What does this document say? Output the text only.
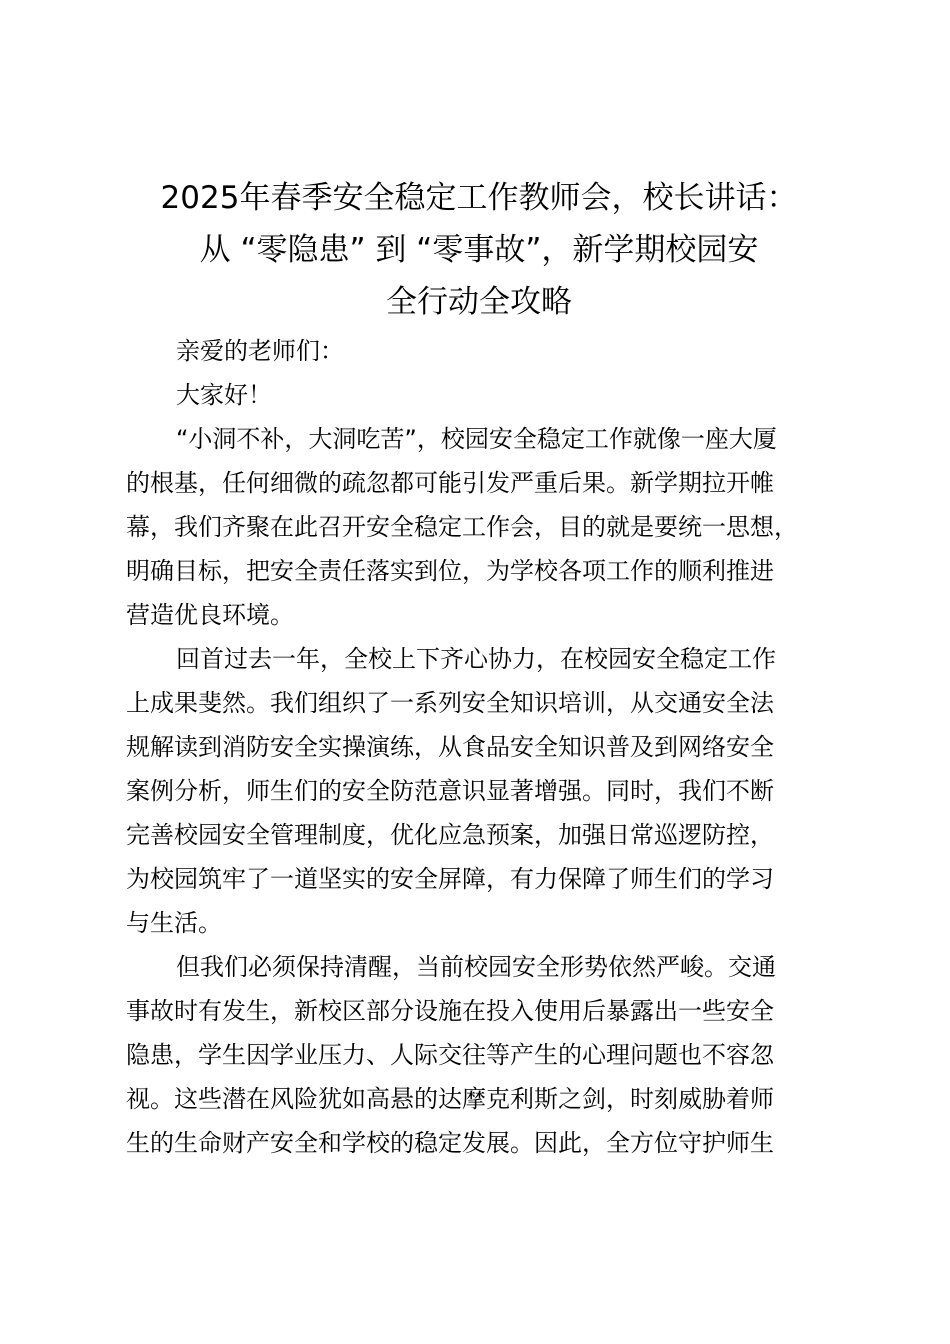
2025年春季安全稳定工作教师会，校长讲话：
从 “零隐患” 到 “零事故”，新学期校园安
全行动全攻略

亲爱的老师们：

大家好！

“小洞不补，大洞吃苦”，校园安全稳定工作就像一座大厦
的根基，任何细微的疏忽都可能引发严重后果。新学期拉开帷
幕，我们齐聚在此召开安全稳定工作会，目的就是要统一思想，
明确目标，把安全责任落实到位，为学校各项工作的顺利推进
营造优良环境。

回首过去一年，全校上下齐心协力，在校园安全稳定工作
上成果斐然。我们组织了一系列安全知识培训，从交通安全法
规解读到消防安全实操演练，从食品安全知识普及到网络安全
案例分析，师生们的安全防范意识显著增强。同时，我们不断
完善校园安全管理制度，优化应急预案，加强日常巡逻防控，
为校园筑牢了一道坚实的安全屏障，有力保障了师生们的学习
与生活。

但我们必须保持清醒，当前校园安全形势依然严峻。交通
事故时有发生，新校区部分设施在投入使用后暴露出一些安全
隐患，学生因学业压力、人际交往等产生的心理问题也不容忽
视。这些潜在风险犹如高悬的达摩克利斯之剑，时刻威胁着师
生的生命财产安全和学校的稳定发展。因此，全方位守护师生
